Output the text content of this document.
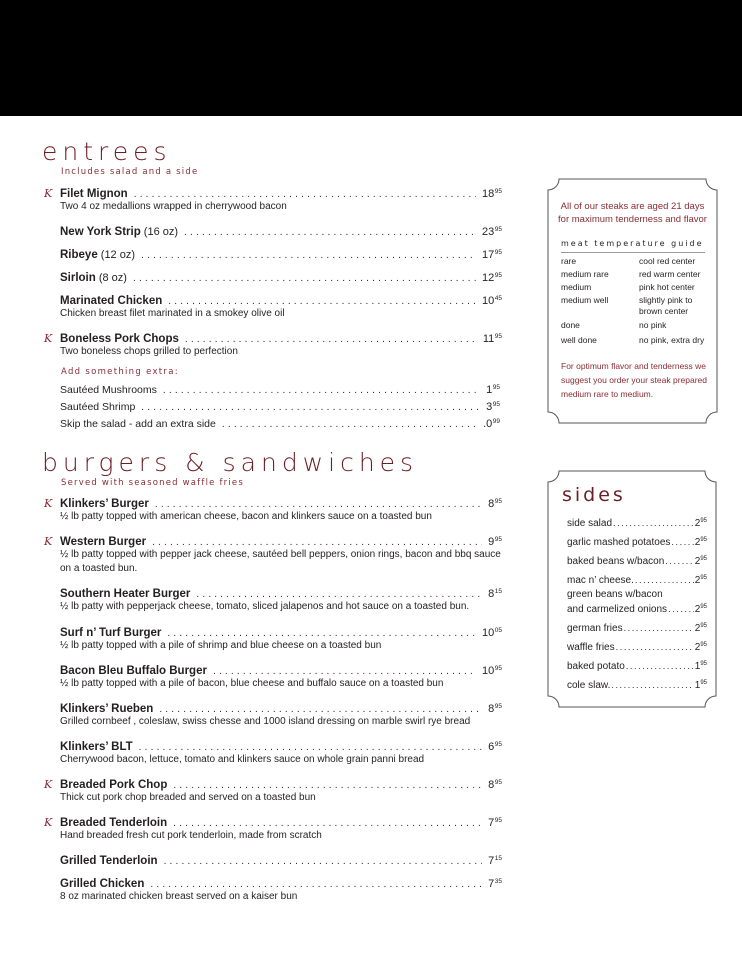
entrees
Includes salad and a side
K Filet Mignon .....	$18^{95}$
Two 4 oz medallions wrapped in cherrywood bacon
New York Strip (16 oz) .....	$23^{95}$
Ribeye (12 oz) .....	$17^{95}$
Sirloin (8 oz) .....	$12^{95}$
Marinated Chicken .....	$10^{45}$
Chicken breast filet marinated in a smokey olive oil
K Boneless Pork Chops .....	$11^{95}$
Two boneless chops grilled to perfection
Add something extra:
Sautéed Mushrooms .....	$1^{95}$
Sautéed Shrimp .....	$3^{95}$
Skip the salad - add an extra side .....	$.0^{99}$
burgers & sandwiches
Served with seasoned waffle fries
K Klinkers’ Burger .....	$8^{95}$
½ lb patty topped with american cheese, bacon and klinkers sauce on a toasted bun
K Western Burger .....	$9^{95}$
½ lb patty topped with pepper jack cheese, sautéed bell peppers, onion rings, bacon and bbq sauce on a toasted bun.
Southern Heater Burger .....	$8^{15}$
½ lb patty with pepperjack cheese, tomato, sliced jalapenos and hot sauce on a toasted bun.
Surf n’ Turf Burger .....	$10^{05}$
½ lb patty topped with a pile of shrimp and blue cheese on a toasted bun
Bacon Bleu Buffalo Burger .....	$10^{95}$
½ lb patty topped with a pile of bacon, blue cheese and buffalo sauce on a toasted bun
Klinkers’ Rueben .....	$8^{95}$
Grilled cornbeef , coleslaw, swiss chesse and 1000 island dressing on marble swirl rye bread
Klinkers’ BLT .....	$6^{95}$
Cherrywood bacon, lettuce, tomato and klinkers sauce on whole grain panni bread
K Breaded Pork Chop .....	$8^{95}$
Thick cut pork chop breaded and served on a toasted bun
K Breaded Tenderloin .....	$7^{95}$
Hand breaded fresh cut pork tenderloin, made from scratch
Grilled Tenderloin .....	$7^{15}$
Grilled Chicken .....	$7^{35}$
8 oz marinated chicken breast served on a kaiser bun
All of our steaks are aged 21 days for maximum tenderness and flavor
meat temperature guide
rare	cool red center
medium rare	red warm center
medium	pink hot center
medium well	slightly pink to brown center
done	no pink
well done	no pink, extra dry
For optimum flavor and tenderness we suggest you order your steak prepared medium rare to medium.
sides
side salad .....	$2^{95}$
garlic mashed potatoes ..... $2^{95}$
baked beans w/bacon .....	$2^{95}$
mac n’ cheese. .....	$2^{95}$
green beans w/bacon
and carmelized onions .....	$2^{95}$
german fries .....	$2^{95}$
waffle fries .....	$2^{95}$
baked potato .....	$1^{95}$
cole slaw. .....	$1^{95}$
